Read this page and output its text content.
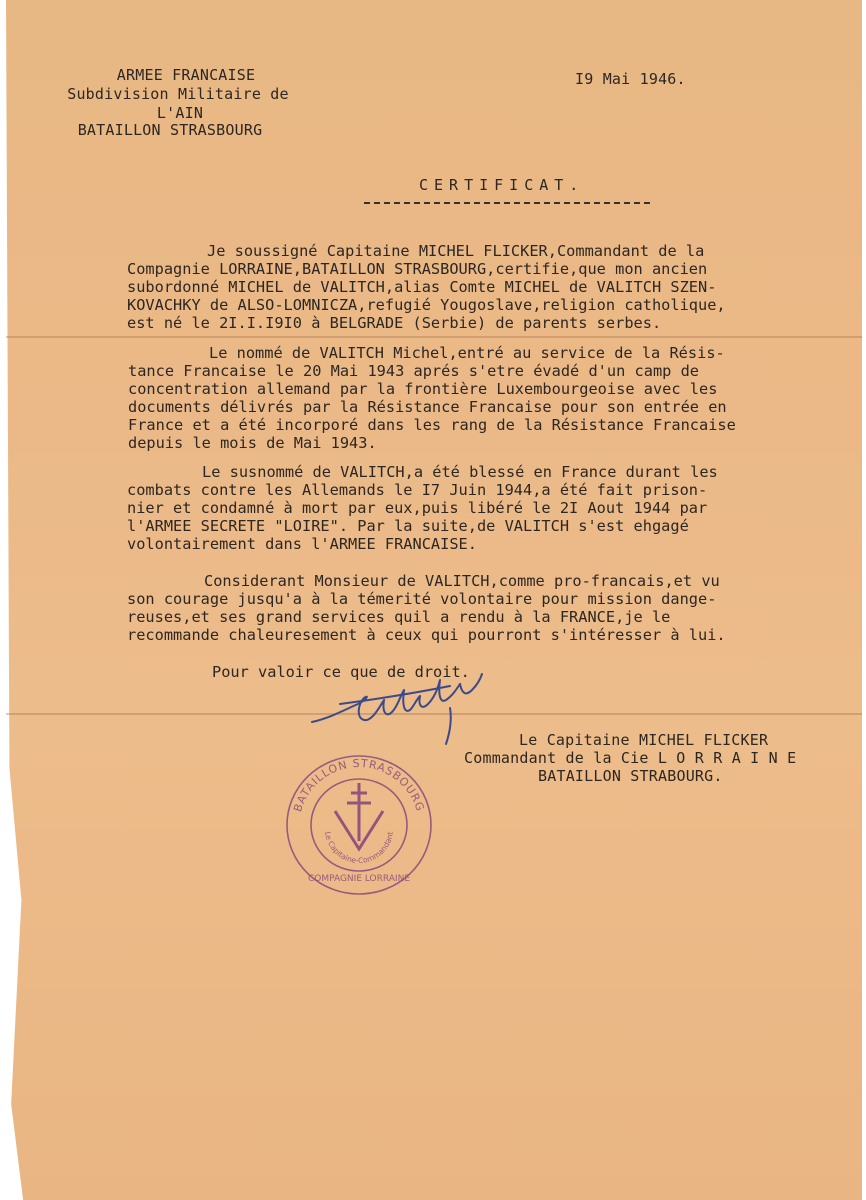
ARMEE FRANCAISE
Subdivision Militaire de
L'AIN
BATAILLON STRASBOURG
I9 Mai 1946.
CERTIFICAT.
Je soussigné Capitaine MICHEL FLICKER,Commandant de la
Compagnie LORRAINE,BATAILLON STRASBOURG,certifie,que mon ancien
subordonné MICHEL de VALITCH,alias Comte MICHEL de VALITCH SZEN-
KOVACHKY de ALSO-LOMNICZA,refugié Yougoslave,religion catholique,
est né le 2I.I.I9I0 à BELGRADE (Serbie) de parents serbes.
Le nommé de VALITCH Michel,entré au service de la Résis-
tance Francaise le 20 Mai 1943 aprés s'etre évadé d'un camp de
concentration allemand par la frontière Luxembourgeoise avec les
documents délivrés par la Résistance Francaise pour son entrée en
France et a été incorporé dans les rang de la Résistance Francaise
depuis le mois de Mai 1943.
Le susnommé de VALITCH,a été blessé en France durant les
combats contre les Allemands le I7 Juin 1944,a été fait prison-
nier et condamné à mort par eux,puis libéré le 2I Aout 1944 par
l'ARMEE SECRETE "LOIRE". Par la suite,de VALITCH s'est ehgagé
volontairement dans l'ARMEE FRANCAISE.
Considerant Monsieur de VALITCH,comme pro-francais,et vu
son courage jusqu'a à la témerité volontaire pour mission dange-
reuses,et ses grand services quil a rendu à la FRANCE,je le
recommande chaleuresement à ceux qui pourront s'intéresser à lui.
Pour valoir ce que de droit.
Le Capitaine MICHEL FLICKER
Commandant de la Cie L O R R A I N E
BATAILLON STRABOURG.
BATAILLON STRASBOURG
Le Capitaine-Commandant
COMPAGNIE LORRAINE
